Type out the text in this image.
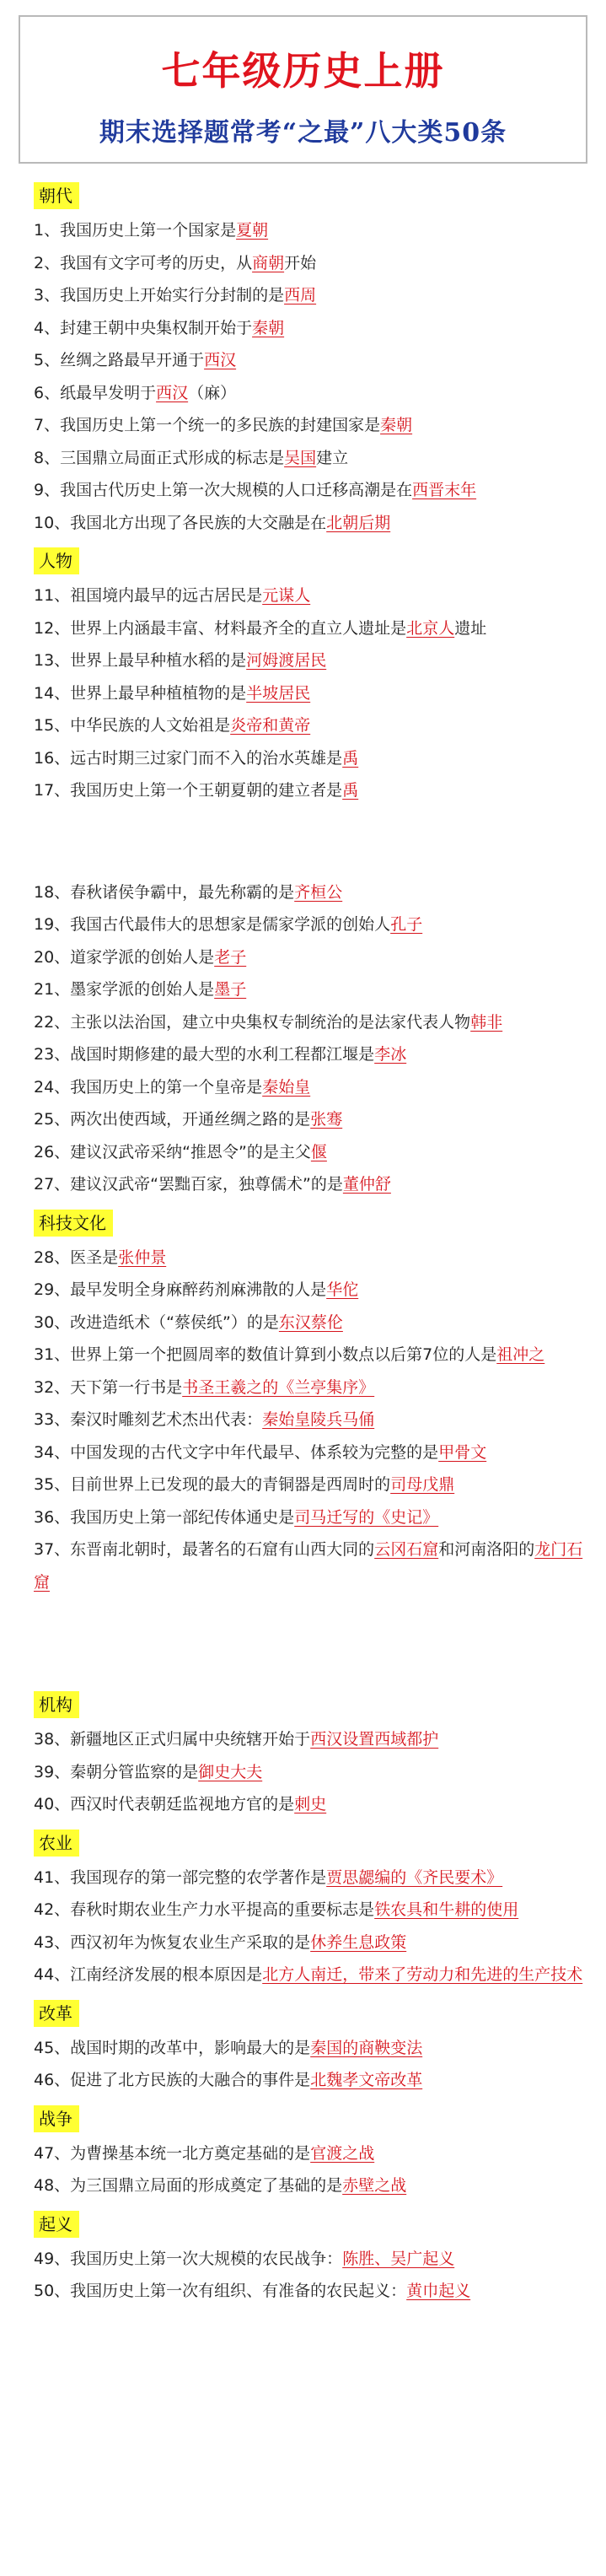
七年级历史上册
期末选择题常考“之最”八大类50条
朝代
1、我国历史上第一个国家是夏朝
2、我国有文字可考的历史，从商朝开始
3、我国历史上开始实行分封制的是西周
4、封建王朝中央集权制开始于秦朝
5、丝绸之路最早开通于西汉
6、纸最早发明于西汉（麻）
7、我国历史上第一个统一的多民族的封建国家是秦朝
8、三国鼎立局面正式形成的标志是吴国建立
9、我国古代历史上第一次大规模的人口迁移高潮是在西晋末年
10、我国北方出现了各民族的大交融是在北朝后期
人物
11、祖国境内最早的远古居民是元谋人
12、世界上内涵最丰富、材料最齐全的直立人遗址是北京人遗址
13、世界上最早种植水稻的是河姆渡居民
14、世界上最早种植植物的是半坡居民
15、中华民族的人文始祖是炎帝和黄帝
16、远古时期三过家门而不入的治水英雄是禹
17、我国历史上第一个王朝夏朝的建立者是禹
18、春秋诸侯争霸中，最先称霸的是齐桓公
19、我国古代最伟大的思想家是儒家学派的创始人孔子
20、道家学派的创始人是老子
21、墨家学派的创始人是墨子
22、主张以法治国，建立中央集权专制统治的是法家代表人物韩非
23、战国时期修建的最大型的水利工程都江堰是李冰
24、我国历史上的第一个皇帝是秦始皇
25、两次出使西域，开通丝绸之路的是张骞
26、建议汉武帝采纳“推恩令”的是主父偃
27、建议汉武帝“罢黜百家，独尊儒术”的是董仲舒
科技文化
28、医圣是张仲景
29、最早发明全身麻醉药剂麻沸散的人是华佗
30、改进造纸术（“蔡侯纸”）的是东汉蔡伦
31、世界上第一个把圆周率的数值计算到小数点以后第7位的人是祖冲之
32、天下第一行书是书圣王羲之的《兰亭集序》
33、秦汉时雕刻艺术杰出代表：秦始皇陵兵马俑
34、中国发现的古代文字中年代最早、体系较为完整的是甲骨文
35、目前世界上已发现的最大的青铜器是西周时的司母戊鼎
36、我国历史上第一部纪传体通史是司马迁写的《史记》
37、东晋南北朝时，最著名的石窟有山西大同的云冈石窟和河南洛阳的龙门石窟
机构
38、新疆地区正式归属中央统辖开始于西汉设置西域都护
39、秦朝分管监察的是御史大夫
40、西汉时代表朝廷监视地方官的是刺史
农业
41、我国现存的第一部完整的农学著作是贾思勰编的《齐民要术》
42、春秋时期农业生产力水平提高的重要标志是铁农具和牛耕的使用
43、西汉初年为恢复农业生产采取的是休养生息政策
44、江南经济发展的根本原因是北方人南迁，带来了劳动力和先进的生产技术
改革
45、战国时期的改革中，影响最大的是秦国的商鞅变法
46、促进了北方民族的大融合的事件是北魏孝文帝改革
战争
47、为曹操基本统一北方奠定基础的是官渡之战
48、为三国鼎立局面的形成奠定了基础的是赤壁之战
起义
49、我国历史上第一次大规模的农民战争：陈胜、吴广起义
50、我国历史上第一次有组织、有准备的农民起义：黄巾起义
